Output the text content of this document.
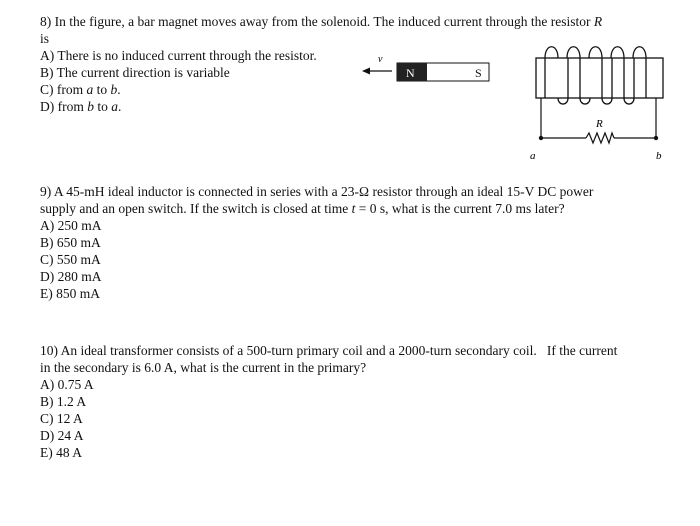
8) In the figure, a bar magnet moves away from the solenoid. The induced current through the resistor R
is
A) There is no induced current through the resistor.
B) The current direction is variable
C) from a to b.
D) from b to a.
v
N	S
R
a	b
9) A 45-mH ideal inductor is connected in series with a 23-Ω resistor through an ideal 15-V DC power
supply and an open switch. If the switch is closed at time t = 0 s, what is the current 7.0 ms later?
A) 250 mA
B) 650 mA
C) 550 mA
D) 280 mA
E) 850 mA
10) An ideal transformer consists of a 500-turn primary coil and a 2000-turn secondary coil.   If the current
in the secondary is 6.0 A, what is the current in the primary?
A) 0.75 A
B) 1.2 A
C) 12 A
D) 24 A
E) 48 A
